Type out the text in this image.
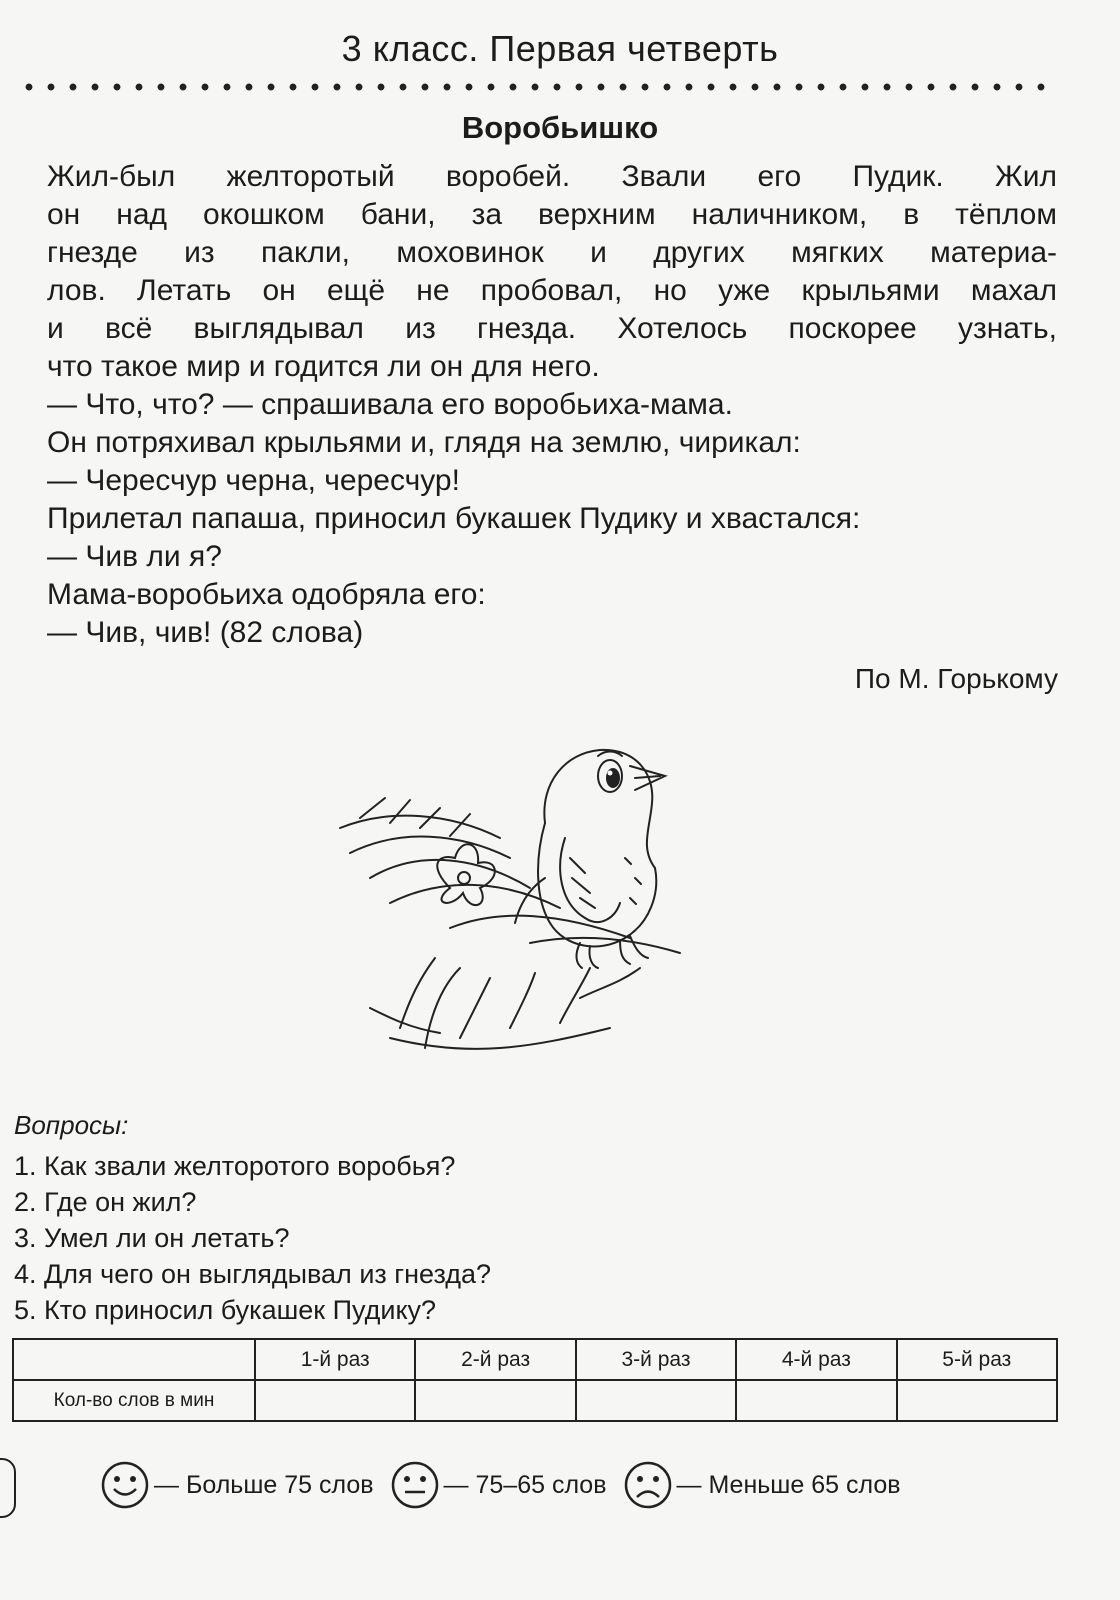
3 класс. Первая четверть
Воробьишко
Жил-был желторотый воробей. Звали его Пудик. Жил
он над окошком бани, за верхним наличником, в тёплом
гнезде из пакли, моховинок и других мягких материа-
лов. Летать он ещё не пробовал, но уже крыльями махал
и всё выглядывал из гнезда. Хотелось поскорее узнать,
что такое мир и годится ли он для него.
— Что, что? — спрашивала его воробьиха-мама.
Он потряхивал крыльями и, глядя на землю, чирикал:
— Чересчур черна, чересчур!
Прилетал папаша, приносил букашек Пудику и хвастался:
— Чив ли я?
Мама-воробьиха одобряла его:
— Чив, чив! (82 слова)
По М. Горькому
Вопросы:
1. Как звали желторотого воробья?
2. Где он жил?
3. Умел ли он летать?
4. Для чего он выглядывал из гнезда?
5. Кто приносил букашек Пудику?
	1-й раз	2-й раз	3-й раз	4-й раз	5-й раз
Кол-во слов в мин					
— Больше 75 слов	— 75–65 слов	— Меньше 65 слов
